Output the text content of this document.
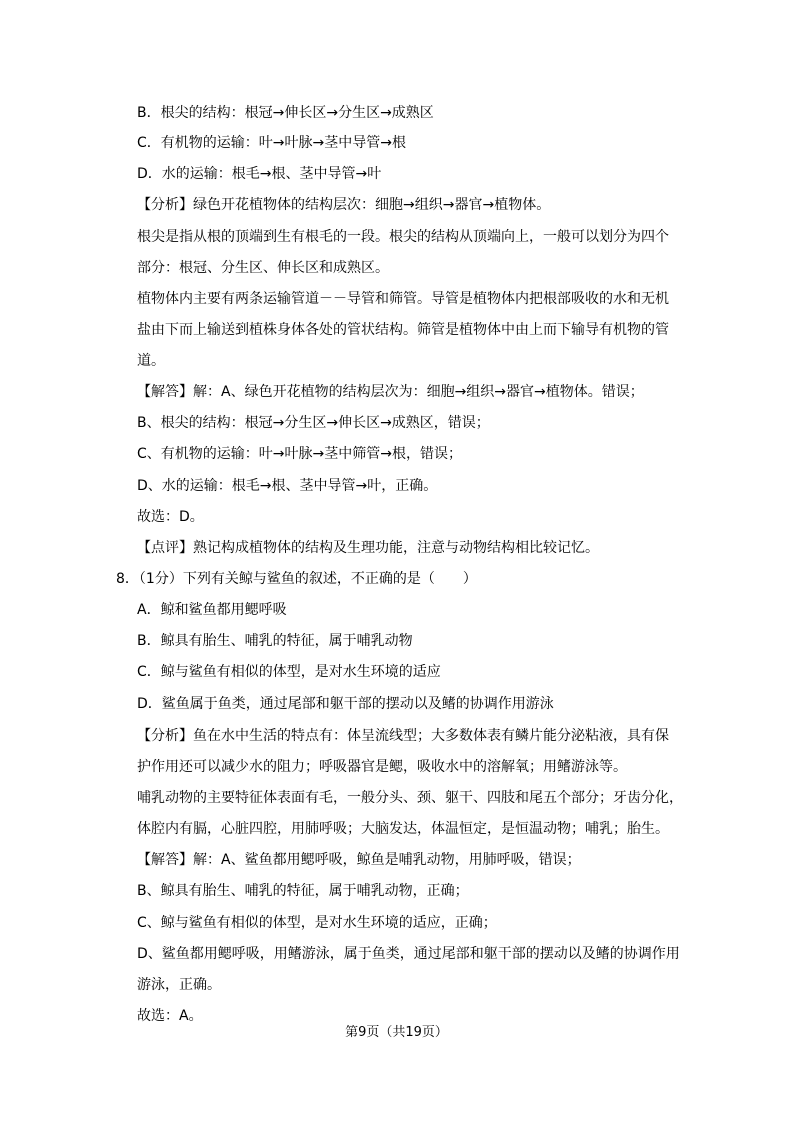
B．根尖的结构：根冠→伸长区→分生区→成熟区
C．有机物的运输：叶→叶脉→茎中导管→根
D．水的运输：根毛→根、茎中导管→叶
【分析】绿色开花植物体的结构层次：细胞→组织→器官→植物体。
根尖是指从根的顶端到生有根毛的一段。根尖的结构从顶端向上，一般可以划分为四个
部分：根冠、分生区、伸长区和成熟区。
植物体内主要有两条运输管道－－导管和筛管。导管是植物体内把根部吸收的水和无机
盐由下而上输送到植株身体各处的管状结构。筛管是植物体中由上而下输导有机物的管
道。
【解答】解：A、绿色开花植物的结构层次为：细胞→组织→器官→植物体。错误；
B、根尖的结构：根冠→分生区→伸长区→成熟区，错误；
C、有机物的运输：叶→叶脉→茎中筛管→根，错误；
D、水的运输：根毛→根、茎中导管→叶，正确。
故选：D。
【点评】熟记构成植物体的结构及生理功能，注意与动物结构相比较记忆。
8．（1分）下列有关鲸与鲨鱼的叙述，不正确的是（　　）
A．鲸和鲨鱼都用鳃呼吸
B．鲸具有胎生、哺乳的特征，属于哺乳动物
C．鲸与鲨鱼有相似的体型，是对水生环境的适应
D．鲨鱼属于鱼类，通过尾部和躯干部的摆动以及鳍的协调作用游泳
【分析】鱼在水中生活的特点有：体呈流线型；大多数体表有鳞片能分泌粘液，具有保
护作用还可以减少水的阻力；呼吸器官是鳃，吸收水中的溶解氧；用鳍游泳等。
哺乳动物的主要特征体表面有毛，一般分头、颈、躯干、四肢和尾五个部分；牙齿分化，
体腔内有膈，心脏四腔，用肺呼吸；大脑发达，体温恒定，是恒温动物；哺乳；胎生。
【解答】解：A、鲨鱼都用鳃呼吸，鲸鱼是哺乳动物，用肺呼吸，错误；
B、鲸具有胎生、哺乳的特征，属于哺乳动物，正确；
C、鲸与鲨鱼有相似的体型，是对水生环境的适应，正确；
D、鲨鱼都用鳃呼吸，用鳍游泳，属于鱼类，通过尾部和躯干部的摆动以及鳍的协调作用
游泳，正确。
故选：A。
第9页（共19页）
